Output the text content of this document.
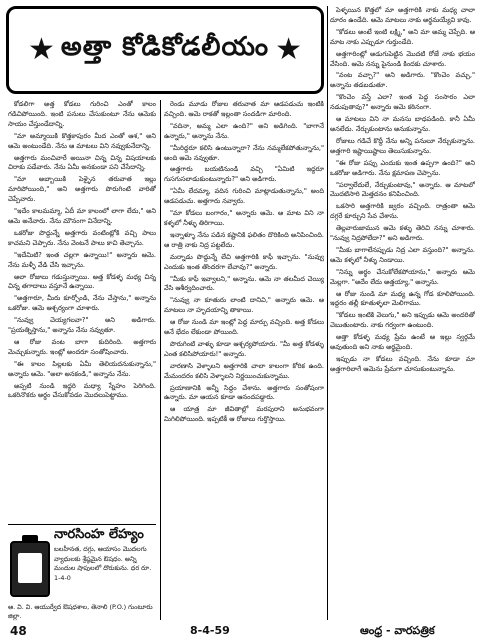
★ అత్తా కోడికోడలీయం ★

కోడలిగా అత్త కోడలు గురించి ఎంతో కాలం గడిచిపోయింది. ఇంటి పనులు చేసుకుంటూ నేను ఆమెకు సాయం చేస్తుండేదాన్ని.

"మా అమ్మాయికి కొత్తకాపురం మీద ఎంతో ఆశ," అని ఆమె అంటుండేది. నేను ఆ మాటలు విని నవ్వుకునేదాన్ని.

అత్తగారు మంచివారే అయినా చిన్న చిన్న విషయాలకు చిరాకు పడేవారు. నేను ఏమీ అనకుండా పని చేసేదాన్ని.

"మా అబ్బాయికి పెళ్ళైన తరువాత ఇల్లు మారిపోయింది," అని అత్తగారు పొరుగింటి వారితో చెప్పేవారు.

"ఇదేం కాలమమ్మా, ఏదీ మా కాలంలో లాగా లేదు," అని ఆమె అనేవారు. నేను మౌనంగా వినేదాన్ని.

ఒకరోజు పొద్దున్నే అత్తగారు వంటింట్లోకి వచ్చి పాలు కాచమని చెప్పారు. నేను వెంటనే పాలు కాచి తెచ్చాను.

"ఇదేమిటి? ఇంత చల్లగా ఉన్నాయి!" అన్నారు ఆమె. నేను మళ్ళీ వేడి చేసి ఇచ్చాను.

అలా రోజులు గడుస్తున్నాయి. అత్త కోడళ్ళ మధ్య చిన్న చిన్న తగాదాలు వస్తూనే ఉన్నాయి.

"అత్తగారూ, మీరు కూర్చోండి, నేను చేస్తాను," అన్నాను ఒకరోజు. ఆమె ఆశ్చర్యంగా చూశారు.

"నువ్వు చెయ్యగలవా?" అని అడిగారు. "ప్రయత్నిస్తాను," అన్నాను నేను నవ్వుతూ.

ఆ రోజు వంట బాగా కుదిరింది. అత్తగారు మెచ్చుకున్నారు. ఇంట్లో అందరూ సంతోషించారు.

"ఈ కాలం పిల్లలకు ఏమీ తెలియదనుకున్నాను," అన్నారు ఆమె. "అలా అనకండి," అన్నాను నేను.

అప్పటి నుండి ఇద్దరి మధ్యా స్నేహం పెరిగింది. ఒకరినొకరు అర్థం చేసుకోవడం మొదలుపెట్టాము.

రెండు మూడు రోజుల తరువాత మా ఆడపడుచు ఇంటికి వచ్చింది. ఆమె రాకతో ఇల్లంతా సందడిగా మారింది.

"వదినా, అమ్మ ఎలా ఉంది?" అని అడిగింది. "బాగానే ఉన్నారు," అన్నాను నేను.

"మీరిద్దరూ కలిసి ఉంటున్నారా? నేను నమ్మలేకపోతున్నాను," అంది ఆమె నవ్వుతూ.

అత్తగారు బయటినుండి వచ్చి "ఏమిటి ఇద్దరూ గుసగుసలాడుకుంటున్నారు?" అని అడిగారు.

"ఏమీ లేదమ్మా, వదిన గురించి మాట్లాడుతున్నాను," అంది ఆడపడుచు. అత్తగారు నవ్వారు.

"మా కోడలు బంగారం," అన్నారు ఆమె. ఆ మాట విని నా కళ్ళలో నీళ్ళు తిరిగాయి.

ఇన్నాళ్ళూ నేను పడిన కష్టానికి ఫలితం దొరికింది అనిపించింది. ఆ రాత్రి నాకు నిద్ర పట్టలేదు.

మర్నాడు పొద్దున్నే లేచి అత్తగారికి కాఫీ ఇచ్చాను. "నువ్వు ఎందుకు ఇంత తొందరగా లేచావు?" అన్నారు.

"మీకు కాఫీ ఇవ్వాలని," అన్నాను. ఆమె నా తలమీద చెయ్యి వేసి ఆశీర్వదించారు.

"నువ్వు నా కూతురు లాంటి దానివి," అన్నారు ఆమె. ఆ మాటలు నా హృదయాన్ని తాకాయి.

ఆ రోజు నుండి మా ఇంట్లో పెద్ద మార్పు వచ్చింది. అత్త కోడలు అనే భేదం లేకుండా పోయింది.

పొరుగింటి వాళ్ళు కూడా ఆశ్చర్యపోయారు. "మీ అత్త కోడళ్ళు ఎంత కలిసిపోయారు!" అన్నారు.

వారణాసి వెళ్ళాలని అత్తగారికి చాలా కాలంగా కోరిక ఉంది. మేమందరం కలిసి వెళ్ళాలని నిర్ణయించుకున్నాము.

ప్రయాణానికి అన్నీ సిద్ధం చేశాను. అత్తగారు సంతోషంగా ఉన్నారు. మా ఆయన కూడా ఆనందపడ్డారు.

ఆ యాత్ర మా జీవితాల్లో మరపురాని అనుభవంగా మిగిలిపోయింది. ఇప్పటికీ ఆ రోజులు గుర్తొస్తాయి.

పెళ్ళయిన కొత్తలో మా అత్తగారికి నాకు మధ్య చాలా దూరం ఉండేది. ఆమె మాటలు నాకు అర్థమయ్యేవి కావు.

"కోడలు అంటే ఇంటి లక్ష్మి," అని మా అమ్మ చెప్పేది. ఆ మాట నాకు ఎప్పుడూ గుర్తుండేది.

అత్తగారింట్లో అడుగుపెట్టిన మొదటి రోజే నాకు భయం వేసింది. ఆమె నన్ను పైనుండి కిందకు చూశారు.

"వంట వచ్చా?" అని అడిగారు. "కొంచెం వచ్చు," అన్నాను తడబడుతూ.

"కొంచెం వస్తే ఎలా? ఇంత పెద్ద సంసారం ఎలా నడుపుతావు?" అన్నారు ఆమె కఠినంగా.

ఆ మాటలు విని నా మనసు బాధపడింది. కానీ ఏమీ అనలేదు. నేర్చుకుంటాను అనుకున్నాను.

రోజులు గడిచే కొద్దీ నేను అన్ని పనులూ నేర్చుకున్నాను. అత్తగారి ఇష్టాయిష్టాలు తెలుసుకున్నాను.

"ఈ రోజు పప్పు ఎందుకు ఇంత ఉప్పగా ఉంది?" అని ఒకరోజు అడిగారు. నేను క్షమాపణ చెప్పాను.

"పర్వాలేదులే, నేర్చుకుంటావు," అన్నారు. ఆ మాటలో మొదటిసారి మెత్తదనం కనిపించింది.

ఒకసారి అత్తగారికి జ్వరం వచ్చింది. రాత్రంతా ఆమె దగ్గరే కూర్చుని సేవ చేశాను.

తెల్లవారుజామున ఆమె కళ్ళు తెరిచి నన్ను చూశారు. "నువ్వు నిద్రపోలేదా?" అని అడిగారు.

"మీకు బాగాలేనప్పుడు నిద్ర ఎలా వస్తుంది?" అన్నాను. ఆమె కళ్ళలో నీళ్ళు నిండాయి.

"నిన్ను అర్థం చేసుకోలేకపోయాను," అన్నారు ఆమె మెల్లగా. "అదేం లేదు అత్తయ్యా," అన్నాను.

ఆ రోజు నుండి మా మధ్య ఉన్న గోడ కూలిపోయింది. ఇద్దరం తల్లీ కూతుళ్ళలా మెలిగాము.

"కోడలు ఇంటికి వెలుగు," అని ఇప్పుడు ఆమె అందరితో చెబుతుంటారు. నాకు గర్వంగా ఉంటుంది.

అత్తా కోడళ్ళ మధ్య ప్రేమ ఉంటే ఆ ఇల్లు స్వర్గమే అవుతుంది అని నాకు అర్థమైంది.

ఇప్పుడు నా కోడలు వచ్చింది. నేను కూడా మా అత్తగారిలాగే ఆమెను ప్రేమగా చూసుకుంటున్నాను.

నారసింహ లేహ్యం
బలహీనత, దగ్గు, ఆయాసం మొదలగు వ్యాధులకు శ్రేష్ఠమైన ఔషధం. అన్ని మందుల షాపులలో దొరుకును. ధర రూ. 1-4-0
ఆ. వి. వి. ఆయుర్వేద ఔషధశాల, తెనాలి (P.O.) గుంటూరు జిల్లా.
48	8-4-59	ఆంధ్ర - వారపత్రిక
